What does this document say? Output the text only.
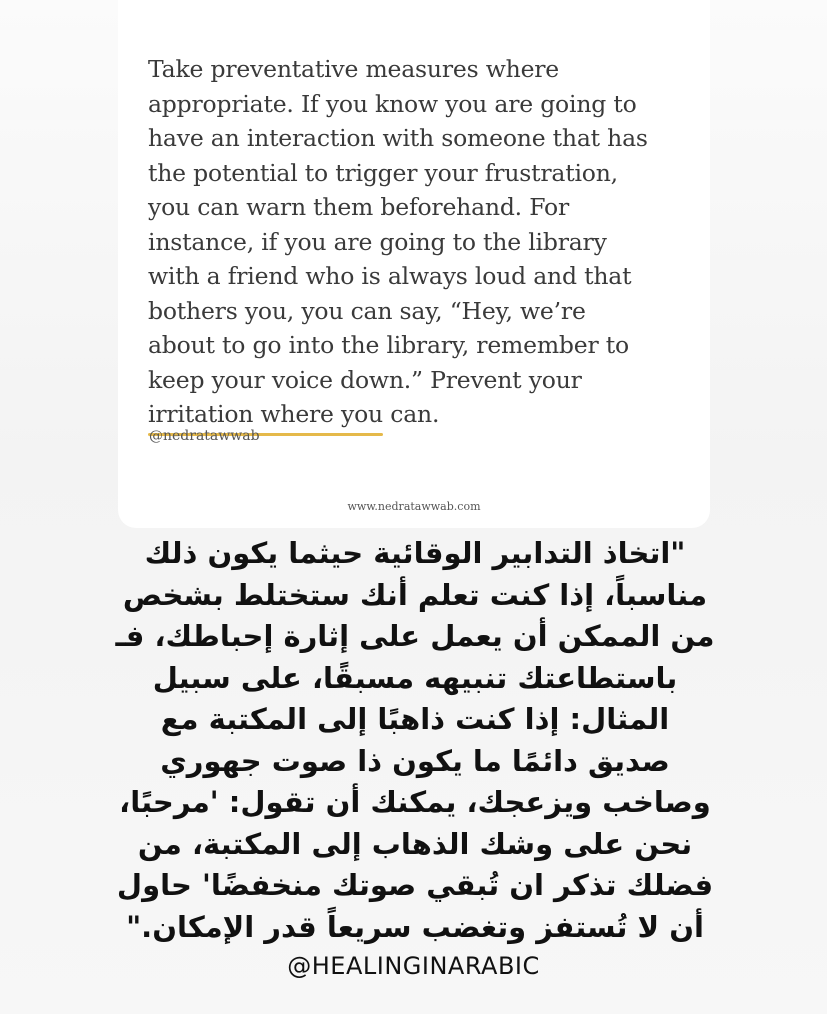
Take preventative measures where
appropriate. If you know you are going to
have an interaction with someone that has
the potential to trigger your frustration,
you can warn them beforehand. For
instance, if you are going to the library
with a friend who is always loud and that
bothers you, you can say, “Hey, we’re
about to go into the library, remember to
keep your voice down.” Prevent your
irritation where you
can.

@nedratawwab
www.nedratawwab.com

"اتخاذ التدابير الوقائية حيثما يكون ذلك
مناسباً، إذا كنت تعلم أنك ستختلط بشخص
من الممكن أن يعمل على إثارة إحباطك، فـ
باستطاعتك تنبيهه مسبقًا، على سبيل
المثال: إذا كنت ذاهبًا إلى المكتبة مع
صديق دائمًا ما يكون ذا صوت جهوري
وصاخب ويزعجك، يمكنك أن تقول: 'مرحبًا،
نحن على وشك الذهاب إلى المكتبة، من
فضلك تذكر ان تُبقي صوتك منخفضًا' حاول
أن لا تُستفز وتغضب سريعاً قدر الإمكان."

@HEALINGINARABIC
